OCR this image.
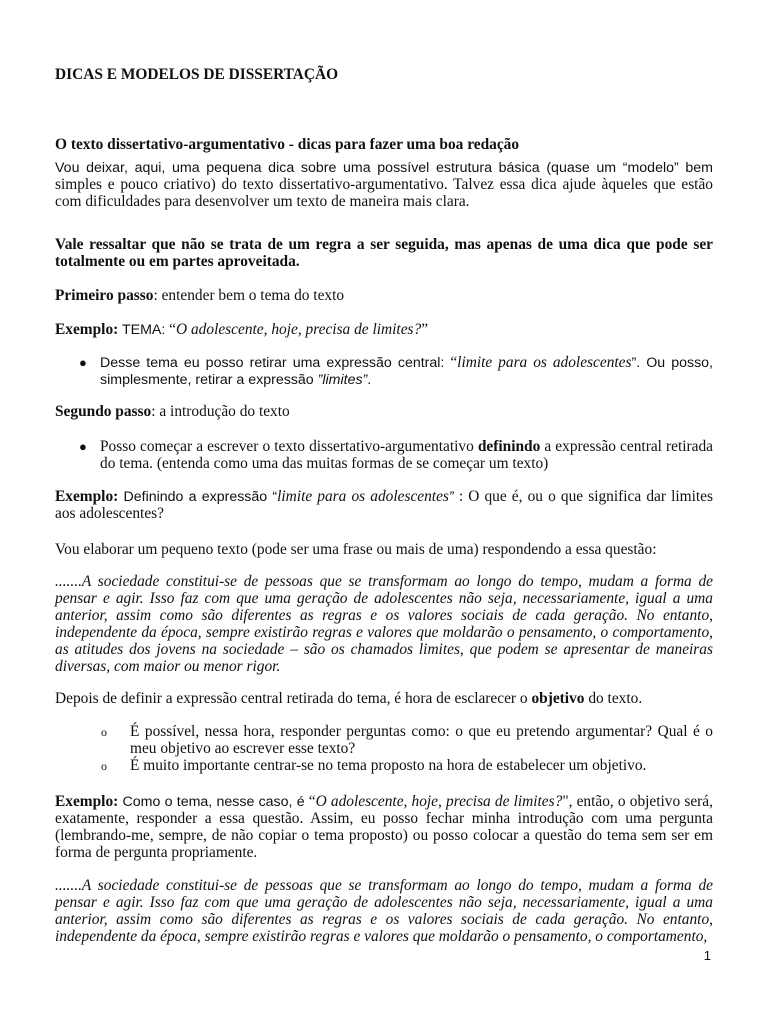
DICAS E MODELOS DE DISSERTAÇÃO

O texto dissertativo-argumentativo - dicas para fazer uma boa redação

Vou deixar, aqui, uma pequena dica sobre uma possível estrutura básica (quase um “modelo” bem simples e pouco criativo) do texto dissertativo-argumentativo. Talvez essa dica ajude àqueles que estão com dificuldades para desenvolver um texto de maneira mais clara.

Vale ressaltar que não se trata de um regra a ser seguida, mas apenas de uma dica que pode ser totalmente ou em partes aproveitada.

Primeiro passo: entender bem o tema do texto

Exemplo: TEMA: “O adolescente, hoje, precisa de limites?”

● Desse tema eu posso retirar uma expressão central: “limite para os adolescentes”. Ou posso, simplesmente, retirar a expressão ”limites”.

Segundo passo: a introdução do texto

● Posso começar a escrever o texto dissertativo-argumentativo definindo a expressão central retirada do tema. (entenda como uma das muitas formas de se começar um texto)

Exemplo: Definindo a expressão “limite para os adolescentes” : O que é, ou o que significa dar limites aos adolescentes?

Vou elaborar um pequeno texto (pode ser uma frase ou mais de uma) respondendo a essa questão:

.......A sociedade constitui-se de pessoas que se transformam ao longo do tempo, mudam a forma de pensar e agir. Isso faz com que uma geração de adolescentes não seja, necessariamente, igual a uma anterior, assim como são diferentes as regras e os valores sociais de cada geração. No entanto, independente da época, sempre existirão regras e valores que moldarão o pensamento, o comportamento, as atitudes dos jovens na sociedade – são os chamados limites, que podem se apresentar de maneiras diversas, com maior ou menor rigor.

Depois de definir a expressão central retirada do tema, é hora de esclarecer o objetivo do texto.

o É possível, nessa hora, responder perguntas como: o que eu pretendo argumentar? Qual é o meu objetivo ao escrever esse texto?
o É muito importante centrar-se no tema proposto na hora de estabelecer um objetivo.

Exemplo: Como o tema, nesse caso, é “O adolescente, hoje, precisa de limites?", então, o objetivo será, exatamente, responder a essa questão. Assim, eu posso fechar minha introdução com uma pergunta (lembrando-me, sempre, de não copiar o tema proposto) ou posso colocar a questão do tema sem ser em forma de pergunta propriamente.

.......A sociedade constitui-se de pessoas que se transformam ao longo do tempo, mudam a forma de pensar e agir. Isso faz com que uma geração de adolescentes não seja, necessariamente, igual a uma anterior, assim como são diferentes as regras e os valores sociais de cada geração. No entanto, independente da época, sempre existirão regras e valores que moldarão o pensamento, o comportamento,

1
